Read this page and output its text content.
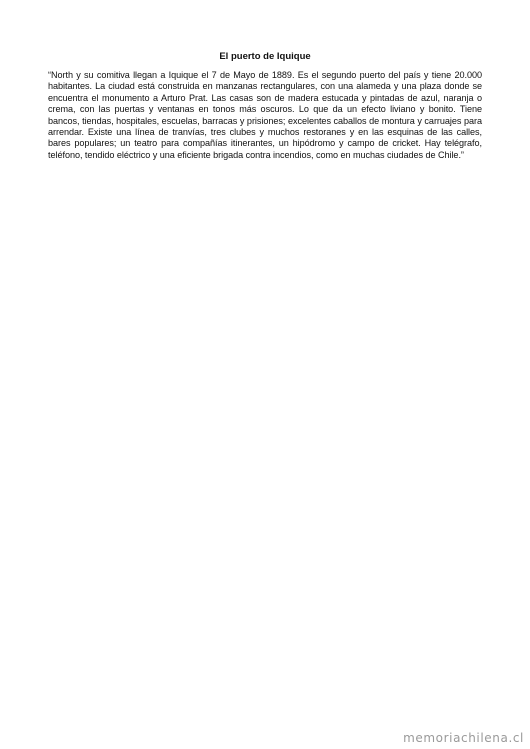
El puerto de Iquique

“North y su comitiva llegan a Iquique el 7 de Mayo de 1889. Es el segundo puerto del país y tiene 20.000 habitantes. La ciudad está construida en manzanas rectangulares, con una alameda y una plaza donde se encuentra el monumento a Arturo Prat. Las casas son de madera estucada y pintadas de azul, naranja o crema, con las puertas y ventanas en tonos más oscuros. Lo que da un efecto liviano y bonito. Tiene bancos, tiendas, hospitales, escuelas, barracas y prisiones; excelentes caballos de montura y carruajes para arrendar. Existe una línea de tranvías, tres clubes y muchos restoranes y en las esquinas de las calles, bares populares; un teatro para compañías itinerantes, un hipódromo y campo de cricket. Hay telégrafo, teléfono, tendido eléctrico y una eficiente brigada contra incendios, como en muchas ciudades de Chile.”

memoriachilena.cl
